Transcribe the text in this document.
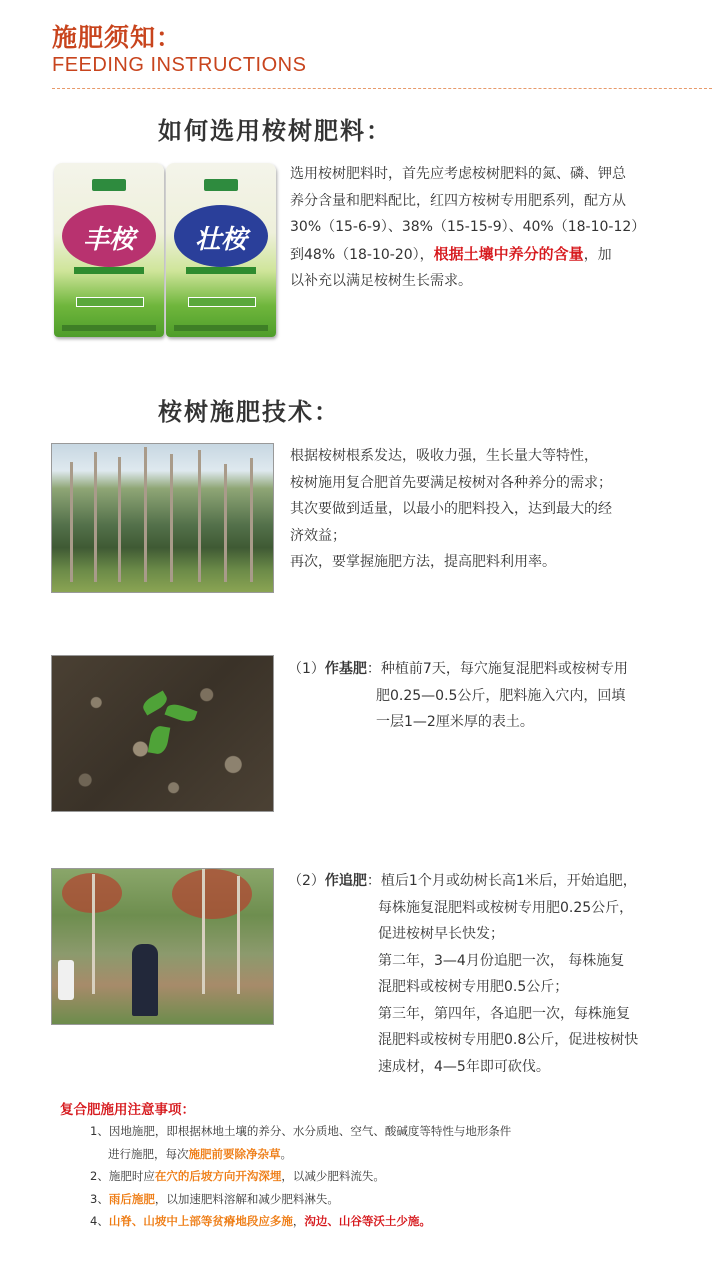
施肥须知：
FEEDING INSTRUCTIONS
如何选用桉树肥料：
丰桉	壮桉
选用桉树肥料时，首先应考虑桉树肥料的氮、磷、钾总
养分含量和肥料配比，红四方桉树专用肥系列，配方从
30%（15-6-9）、38%（15-15-9）、40%（18-10-12）
到48%（18-10-20），根据土壤中养分的含量，加
以补充以满足桉树生长需求。
桉树施肥技术：
根据桉树根系发达，吸收力强，生长量大等特性，
桉树施用复合肥首先要满足桉树对各种养分的需求；
其次要做到适量，以最小的肥料投入，达到最大的经
济效益；
再次，要掌握施肥方法，提高肥料利用率。
（1）作基肥：种植前7天，每穴施复混肥料或桉树专用
肥0.25—0.5公斤，肥料施入穴内，回填
一层1—2厘米厚的表土。
（2）作追肥：植后1个月或幼树长高1米后，开始追肥，
每株施复混肥料或桉树专用肥0.25公斤，
促进桉树早长快发；
第二年，3—4月份追肥一次， 每株施复
混肥料或桉树专用肥0.5公斤；
第三年，第四年，各追肥一次，每株施复
混肥料或桉树专用肥0.8公斤，促进桉树快
速成材，4—5年即可砍伐。
复合肥施用注意事项：
1、因地施肥，即根据林地土壤的养分、水分质地、空气、酸碱度等特性与地形条件
进行施肥，每次施肥前要除净杂草。
2、施肥时应在穴的后坡方向开沟深埋，以减少肥料流失。
3、雨后施肥，以加速肥料溶解和减少肥料淋失。
4、山脊、山坡中上部等贫瘠地段应多施，沟边、山谷等沃土少施。
